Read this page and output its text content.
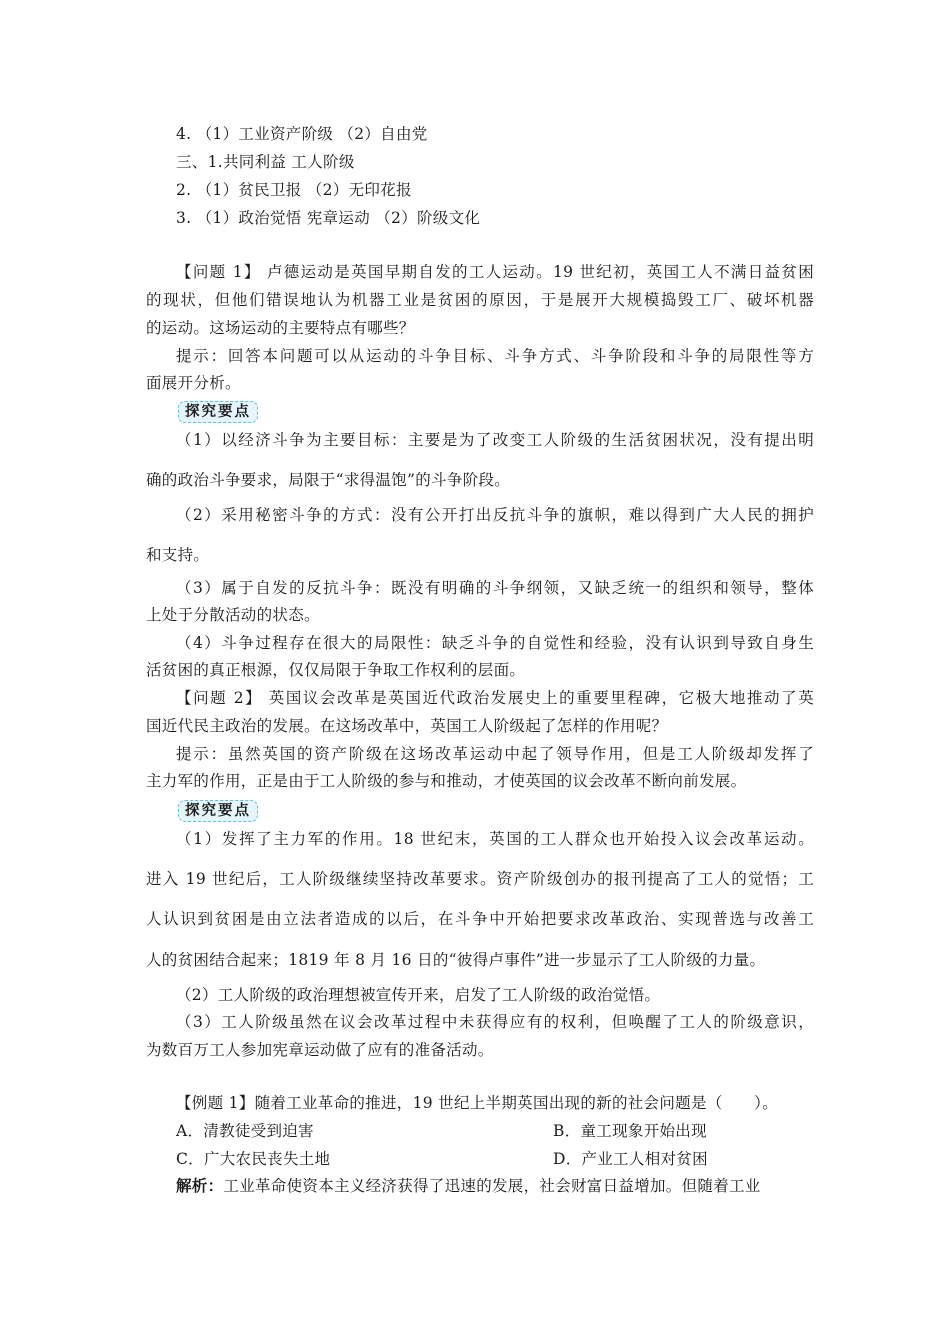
4. （1）工业资产阶级 （2）自由党
三、1.共同利益 工人阶级
2. （1）贫民卫报 （2）无印花报
3. （1）政治觉悟 宪章运动 （2）阶级文化
【问题 1】 卢德运动是英国早期自发的工人运动。19 世纪初，英国工人不满日益贫困
的现状，但他们错误地认为机器工业是贫困的原因，于是展开大规模捣毁工厂、破坏机器
的运动。这场运动的主要特点有哪些？
提示：回答本问题可以从运动的斗争目标、斗争方式、斗争阶段和斗争的局限性等方
面展开分析。
探究要点
（1）以经济斗争为主要目标：主要是为了改变工人阶级的生活贫困状况，没有提出明
确的政治斗争要求，局限于“求得温饱”的斗争阶段。
（2）采用秘密斗争的方式：没有公开打出反抗斗争的旗帜，难以得到广大人民的拥护
和支持。
（3）属于自发的反抗斗争：既没有明确的斗争纲领，又缺乏统一的组织和领导，整体
上处于分散活动的状态。
（4）斗争过程存在很大的局限性：缺乏斗争的自觉性和经验，没有认识到导致自身生
活贫困的真正根源，仅仅局限于争取工作权利的层面。
【问题 2】 英国议会改革是英国近代政治发展史上的重要里程碑，它极大地推动了英
国近代民主政治的发展。在这场改革中，英国工人阶级起了怎样的作用呢？
提示：虽然英国的资产阶级在这场改革运动中起了领导作用，但是工人阶级却发挥了
主力军的作用，正是由于工人阶级的参与和推动，才使英国的议会改革不断向前发展。
探究要点
（1）发挥了主力军的作用。18 世纪末，英国的工人群众也开始投入议会改革运动。
进入 19 世纪后，工人阶级继续坚持改革要求。资产阶级创办的报刊提高了工人的觉悟；工
人认识到贫困是由立法者造成的以后，在斗争中开始把要求改革政治、实现普选与改善工
人的贫困结合起来；1819 年 8 月 16 日的“彼得卢事件”进一步显示了工人阶级的力量。
（2）工人阶级的政治理想被宣传开来，启发了工人阶级的政治觉悟。
（3）工人阶级虽然在议会改革过程中未获得应有的权利，但唤醒了工人的阶级意识，
为数百万工人参加宪章运动做了应有的准备活动。
【例题 1】随着工业革命的推进，19 世纪上半期英国出现的新的社会问题是（　　）。
A．清教徒受到迫害	B．童工现象开始出现
C．广大农民丧失土地	D．产业工人相对贫困
解析：工业革命使资本主义经济获得了迅速的发展，社会财富日益增加。但随着工业
